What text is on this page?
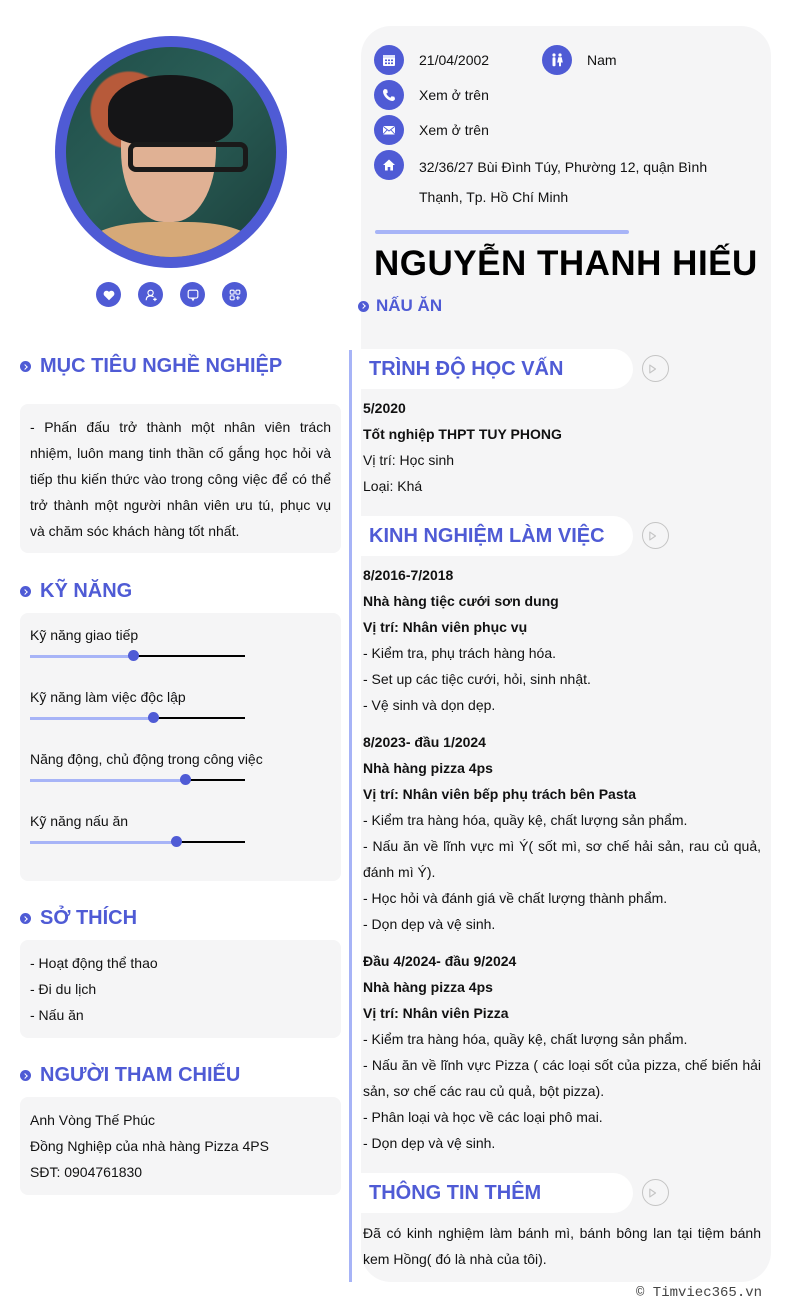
21/04/2002	Nam
Xem ở trên
Xem ở trên
32/36/27 Bùi Đình Túy, Phường 12, quận Bình Thạnh, Tp. Hồ Chí Minh
NGUYỄN THANH HIẾU
NẤU ĂN
MỤC TIÊU NGHỀ NGHIỆP
- Phấn đấu trở thành một nhân viên trách nhiệm, luôn mang tinh thần cố gắng học hỏi và tiếp thu kiến thức vào trong công việc để có thể trở thành một người nhân viên ưu tú, phục vụ và chăm sóc khách hàng tốt nhất.
KỸ NĂNG
Kỹ năng giao tiếp
Kỹ năng làm việc độc lập
Năng động, chủ động trong công việc
Kỹ năng nấu ăn
SỞ THÍCH
- Hoạt động thể thao
- Đi du lịch
- Nấu ăn
NGƯỜI THAM CHIẾU
Anh Vòng Thế Phúc
Đồng Nghiệp của nhà hàng Pizza 4PS
SĐT: 0904761830
TRÌNH ĐỘ HỌC VẤN
5/2020
Tốt nghiệp THPT TUY PHONG
Vị trí: Học sinh
Loại: Khá
KINH NGHIỆM LÀM VIỆC
8/2016-7/2018
Nhà hàng tiệc cưới sơn dung
Vị trí: Nhân viên phục vụ
- Kiểm tra, phụ trách hàng hóa.
- Set up các tiệc cưới, hỏi, sinh nhật.
- Vệ sinh và dọn dẹp.
8/2023- đầu 1/2024
Nhà hàng pizza 4ps
Vị trí: Nhân viên bếp phụ trách bên Pasta
- Kiểm tra hàng hóa, quầy kệ, chất lượng sản phẩm.
- Nấu ăn về lĩnh vực mì Ý( sốt mì, sơ chế hải sản, rau củ quả, đánh mì Ý).
- Học hỏi và đánh giá về chất lượng thành phẩm.
- Dọn dẹp và vệ sinh.
Đầu 4/2024- đầu 9/2024
Nhà hàng pizza 4ps
Vị trí: Nhân viên Pizza
- Kiểm tra hàng hóa, quầy kệ, chất lượng sản phẩm.
- Nấu ăn về lĩnh vực Pizza ( các loại sốt của pizza, chế biến hải sản, sơ chế các rau củ quả, bột pizza).
- Phân loại và học về các loại phô mai.
- Dọn dẹp và vệ sinh.
THÔNG TIN THÊM
Đã có kinh nghiệm làm bánh mì, bánh bông lan tại tiệm bánh kem Hồng( đó là nhà của tôi).
© Timviec365.vn
